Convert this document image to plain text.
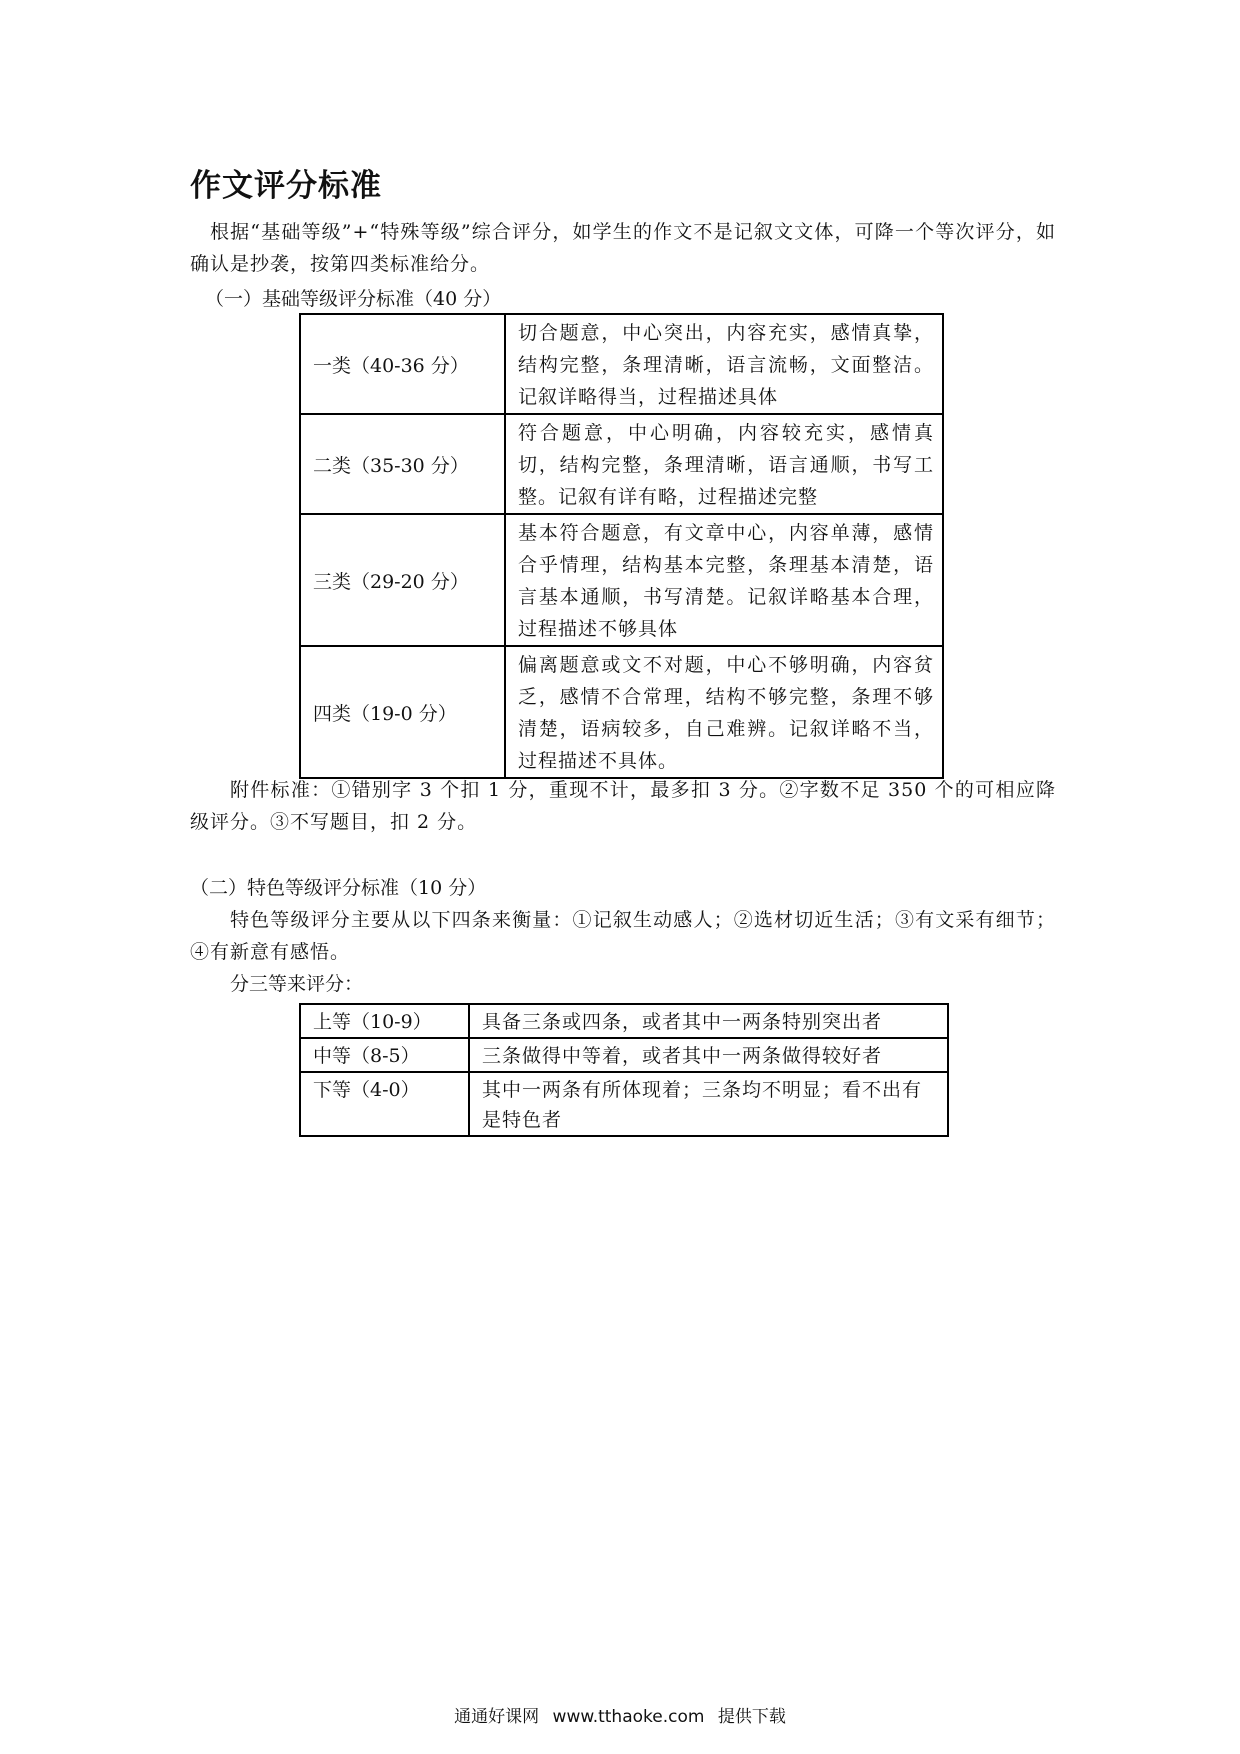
作文评分标准
根据“基础等级”+“特殊等级”综合评分，如学生的作文不是记叙文文体，可降一个等次评分，如确认是抄袭，按第四类标准给分。
（一）基础等级评分标准（40 分）
一类（40-36 分）	切合题意，中心突出，内容充实，感情真挚，结构完整，条理清晰，语言流畅，文面整洁。记叙详略得当，过程描述具体
二类（35-30 分）	符合题意，中心明确，内容较充实，感情真切，结构完整，条理清晰，语言通顺，书写工整。记叙有详有略，过程描述完整
三类（29-20 分）	基本符合题意，有文章中心，内容单薄，感情合乎情理，结构基本完整，条理基本清楚，语言基本通顺，书写清楚。记叙详略基本合理，过程描述不够具体
四类（19-0 分）	偏离题意或文不对题，中心不够明确，内容贫乏，感情不合常理，结构不够完整，条理不够清楚，语病较多，自己难辨。记叙详略不当，过程描述不具体。
附件标准：①错别字 3 个扣 1 分，重现不计，最多扣 3 分。②字数不足 350 个的可相应降级评分。③不写题目，扣 2 分。
（二）特色等级评分标准（10 分）
特色等级评分主要从以下四条来衡量：①记叙生动感人；②选材切近生活；③有文采有细节；④有新意有感悟。
分三等来评分：
上等（10-9）	具备三条或四条，或者其中一两条特别突出者
中等（8-5）	三条做得中等着，或者其中一两条做得较好者
下等（4-0）	其中一两条有所体现着；三条均不明显；看不出有是特色者
通通好课网 www.tthaoke.com 提供下载
